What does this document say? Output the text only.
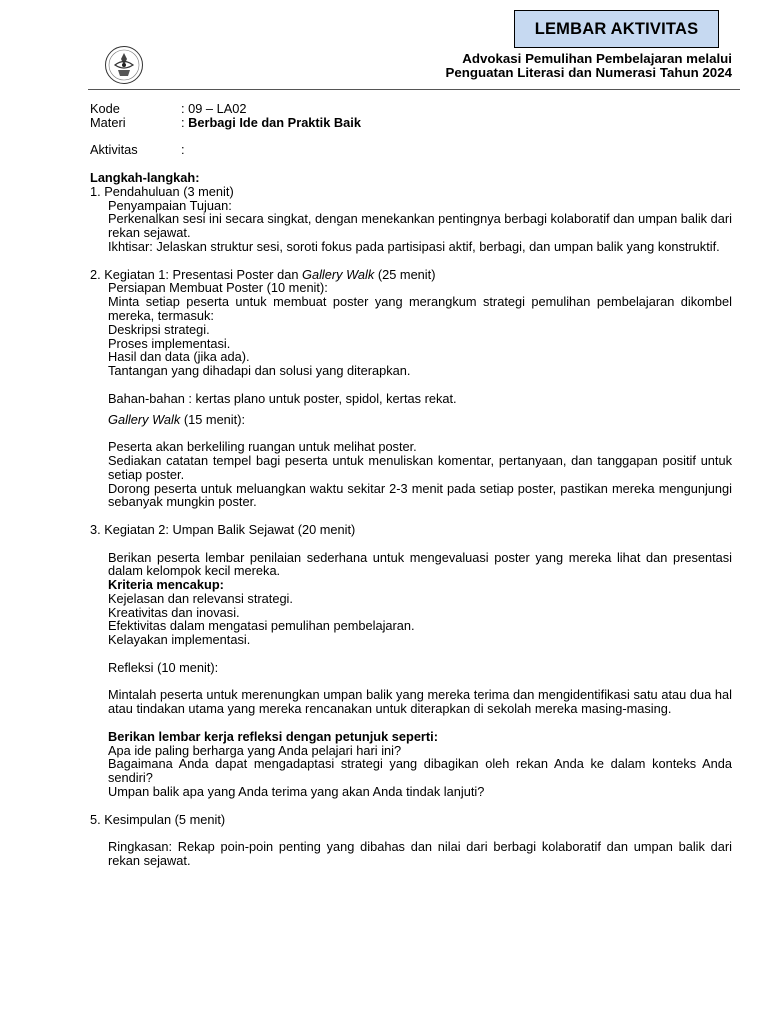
LEMBAR AKTIVITAS
Advokasi Pemulihan Pembelajaran melalui
Penguatan Literasi dan Numerasi Tahun 2024
Kode	: 09 – LA02
Materi	: Berbagi Ide dan Praktik Baik
Aktivitas	:
Langkah-langkah:
1. Pendahuluan (3 menit)
Penyampaian Tujuan:
Perkenalkan sesi ini secara singkat, dengan menekankan pentingnya berbagi kolaboratif dan umpan balik dari rekan sejawat.
Ikhtisar: Jelaskan struktur sesi, soroti fokus pada partisipasi aktif, berbagi, dan umpan balik yang konstruktif.
2. Kegiatan 1: Presentasi Poster dan Gallery Walk (25 menit)
Persiapan Membuat Poster (10 menit):
Minta setiap peserta untuk membuat poster yang merangkum strategi pemulihan pembelajaran dikombel mereka, termasuk:
Deskripsi strategi.
Proses implementasi.
Hasil dan data (jika ada).
Tantangan yang dihadapi dan solusi yang diterapkan.
Bahan-bahan : kertas plano untuk poster, spidol, kertas rekat.
Gallery Walk (15 menit):
Peserta akan berkeliling ruangan untuk melihat poster.
Sediakan catatan tempel bagi peserta untuk menuliskan komentar, pertanyaan, dan tanggapan positif untuk setiap poster.
Dorong peserta untuk meluangkan waktu sekitar 2-3 menit pada setiap poster, pastikan mereka mengunjungi sebanyak mungkin poster.
3. Kegiatan 2: Umpan Balik Sejawat (20 menit)
Berikan peserta lembar penilaian sederhana untuk mengevaluasi poster yang mereka lihat dan presentasi dalam kelompok kecil mereka.
Kriteria mencakup:
Kejelasan dan relevansi strategi.
Kreativitas dan inovasi.
Efektivitas dalam mengatasi pemulihan pembelajaran.
Kelayakan implementasi.
Refleksi (10 menit):
Mintalah peserta untuk merenungkan umpan balik yang mereka terima dan mengidentifikasi satu atau dua hal atau tindakan utama yang mereka rencanakan untuk diterapkan di sekolah mereka masing-masing.
Berikan lembar kerja refleksi dengan petunjuk seperti:
Apa ide paling berharga yang Anda pelajari hari ini?
Bagaimana Anda dapat mengadaptasi strategi yang dibagikan oleh rekan Anda ke dalam konteks Anda sendiri?
Umpan balik apa yang Anda terima yang akan Anda tindak lanjuti?
5. Kesimpulan (5 menit)
Ringkasan: Rekap poin-poin penting yang dibahas dan nilai dari berbagi kolaboratif dan umpan balik dari rekan sejawat.
